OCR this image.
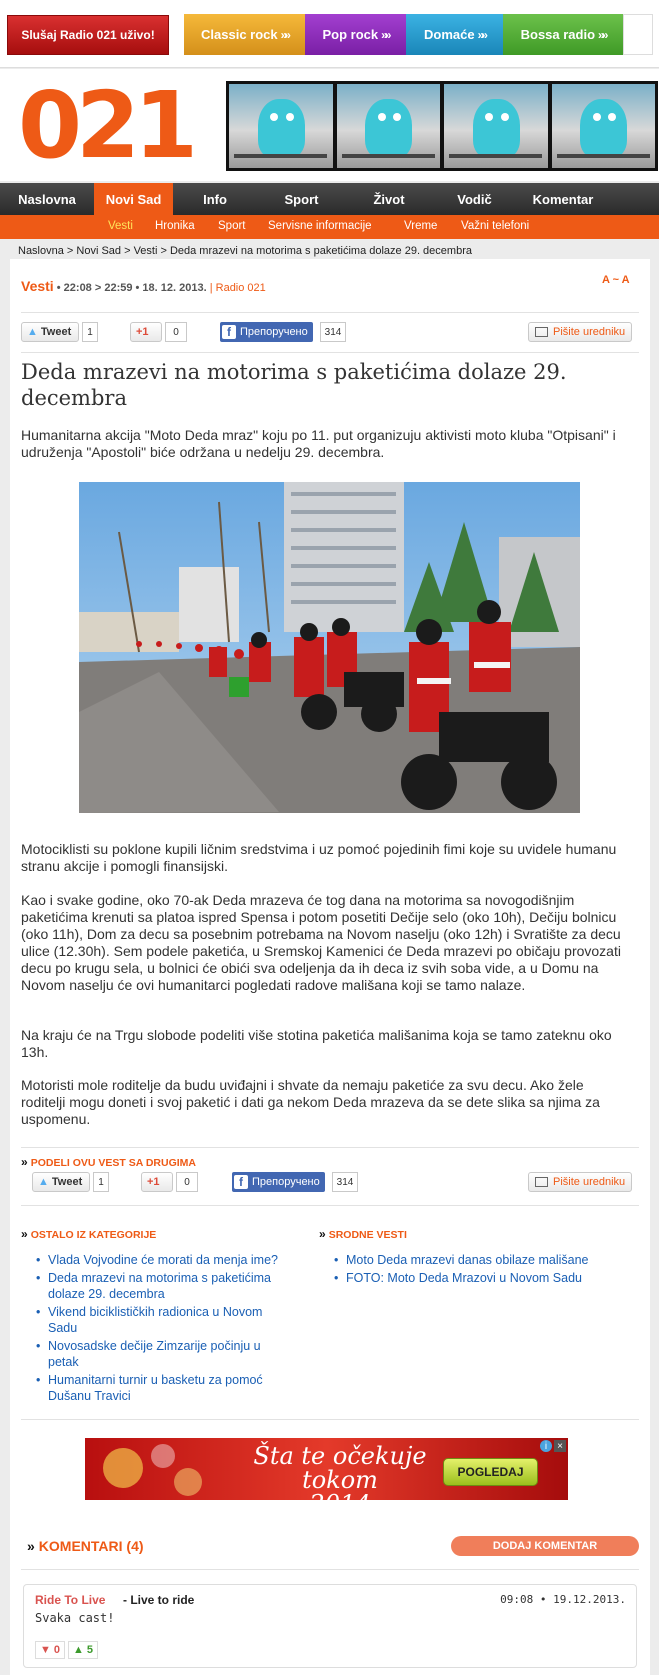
Slušaj Radio 021 uživo!	Classic rock »»	Pop rock »»	Domaće »»	Bossa radio »»
021
Naslovna	Novi Sad	Info	Sport	Život	Vodič	Komentar
Vesti Hronika Sport Servisne informacije	Vreme Važni telefoni
Naslovna > Novi Sad > Vesti > Deda mrazevi na motorima s paketićima dolaze 29. decembra
Vesti • 22:08 > 22:59 • 18. 12. 2013. | Radio 021
A ~ A
▲ Tweet	1	+1	0	f Препоручено	314	Pišite uredniku
Deda mrazevi na motorima s paketićima dolaze 29. decembra

Humanitarna akcija "Moto Deda mraz" koju po 11. put organizuju aktivisti moto kluba "Otpisani" i udruženja "Apostoli" biće održana u nedelju 29. decembra.

Motociklisti su poklone kupili ličnim sredstvima i uz pomoć pojedinih fimi koje su uvidele humanu stranu akcije i pomogli finansijski.

Kao i svake godine, oko 70-ak Deda mrazeva će tog dana na motorima sa novogodišnjim paketićima krenuti sa platoa ispred Spensa i potom posetiti Dečije selo (oko 10h), Dečiju bolnicu (oko 11h), Dom za decu sa posebnim potrebama na Novom naselju (oko 12h) i Svratište za decu ulice (12.30h). Sem podele paketića, u Sremskoj Kamenici će Deda mrazevi po običaju provozati decu po krugu sela, u bolnici će obići sva odeljenja da ih deca iz svih soba vide, a u Domu na Novom naselju će ovi humanitarci pogledati radove mališana koji se tamo nalaze.

Na kraju će na Trgu slobode podeliti više stotina paketića mališanima koja se tamo zateknu oko 13h.

Motoristi mole roditelje da budu uviđajni i shvate da nemaju paketiće za svu decu. Ako žele roditelji mogu doneti i svoj paketić i dati ga nekom Deda mrazeva da se dete slika sa njima za uspomenu.

» PODELI OVU VEST SA DRUGIMA
▲ Tweet	1	+1	0	f Препоручено	314	Pišite uredniku
» OSTALO IZ KATEGORIJE
• Vlada Vojvodine će morati da menja ime?
• Deda mrazevi na motorima s paketićima dolaze 29. decembra
• Vikend biciklističkih radionica u Novom Sadu
• Novosadske dečije Zimzarije počinju u petak
• Humanitarni turnir u basketu za pomoć Dušanu Travici
» SRODNE VESTI
• Moto Deda mrazevi danas obilaze mališane
• FOTO: Moto Deda Mrazovi u Novom Sadu
» KOMENTARI (4)	DODAJ KOMENTAR
Šta te očekuje tokom
2014
POGLEDAJ
i ×
Ride To Live - Live to ride	09:08 • 19.12.2013.
Svaka cast!
▼ 0 ▲ 5
